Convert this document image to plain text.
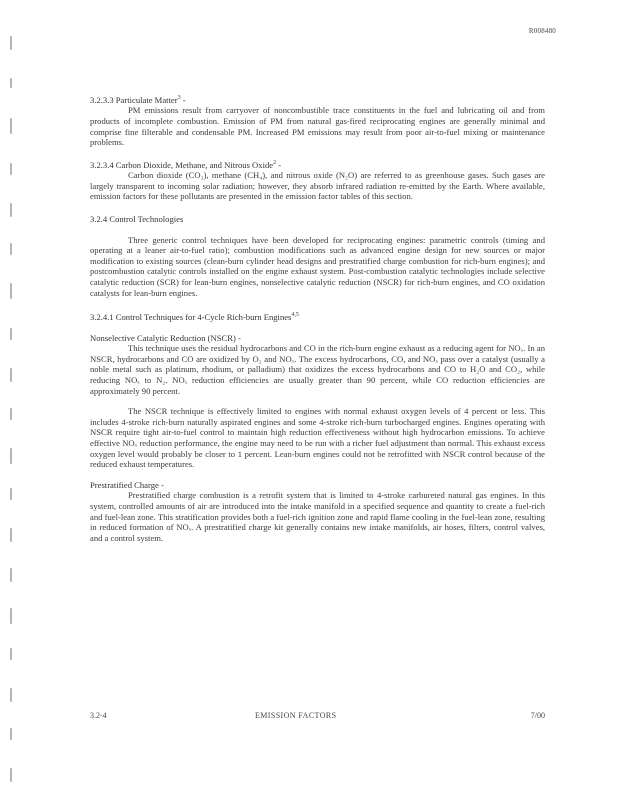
R008480

3.2.3.3 Particulate Matter$^3$ -

PM emissions result from carryover of noncombustible trace constituents in the fuel and lubricating oil and from products of incomplete combustion. Emission of PM from natural gas-fired reciprocating engines are generally minimal and comprise fine filterable and condensable PM. Increased PM emissions may result from poor air-to-fuel mixing or maintenance problems.

3.2.3.4 Carbon Dioxide, Methane, and Nitrous Oxide$^2$ -

Carbon dioxide (CO₂), methane (CH₄), and nitrous oxide (N₂O) are referred to as greenhouse gases. Such gases are largely transparent to incoming solar radiation; however, they absorb infrared radiation re-emitted by the Earth. Where available, emission factors for these pollutants are presented in the emission factor tables of this section.

3.2.4 Control Technologies

Three generic control techniques have been developed for reciprocating engines: parametric controls (timing and operating at a leaner air-to-fuel ratio); combustion modifications such as advanced engine design for new sources or major modification to existing sources (clean-burn cylinder head designs and prestratified charge combustion for rich-burn engines); and postcombustion catalytic controls installed on the engine exhaust system. Post-combustion catalytic technologies include selective catalytic reduction (SCR) for lean-burn engines, nonselective catalytic reduction (NSCR) for rich-burn engines, and CO oxidation catalysts for lean-burn engines.

3.2.4.1 Control Techniques for 4-Cycle Rich-burn Engines$^{4,5}$

Nonselective Catalytic Reduction (NSCR) -

This technique uses the residual hydrocarbons and CO in the rich-burn engine exhaust as a reducing agent for NOₓ. In an NSCR, hydrocarbons and CO are oxidized by O₂ and NOₓ. The excess hydrocarbons, CO, and NOₓ pass over a catalyst (usually a noble metal such as platinum, rhodium, or palladium) that oxidizes the excess hydrocarbons and CO to H₂O and CO₂, while reducing NOₓ to N₂. NOₓ reduction efficiencies are usually greater than 90 percent, while CO reduction efficiencies are approximately 90 percent.

The NSCR technique is effectively limited to engines with normal exhaust oxygen levels of 4 percent or less. This includes 4-stroke rich-burn naturally aspirated engines and some 4-stroke rich-burn turbocharged engines. Engines operating with NSCR require tight air-to-fuel control to maintain high reduction effectiveness without high hydrocarbon emissions. To achieve effective NOₓ reduction performance, the engine may need to be run with a richer fuel adjustment than normal. This exhaust excess oxygen level would probably be closer to 1 percent. Lean-burn engines could not be retrofitted with NSCR control because of the reduced exhaust temperatures.

Prestratified Charge -

Prestratified charge combustion is a retrofit system that is limited to 4-stroke carbureted natural gas engines. In this system, controlled amounts of air are introduced into the intake manifold in a specified sequence and quantity to create a fuel-rich and fuel-lean zone. This stratification provides both a fuel-rich ignition zone and rapid flame cooling in the fuel-lean zone, resulting in reduced formation of NOₓ. A prestratified charge kit generally contains new intake manifolds, air hoses, filters, control valves, and a control system.

3.2-4	EMISSION FACTORS	7/00
